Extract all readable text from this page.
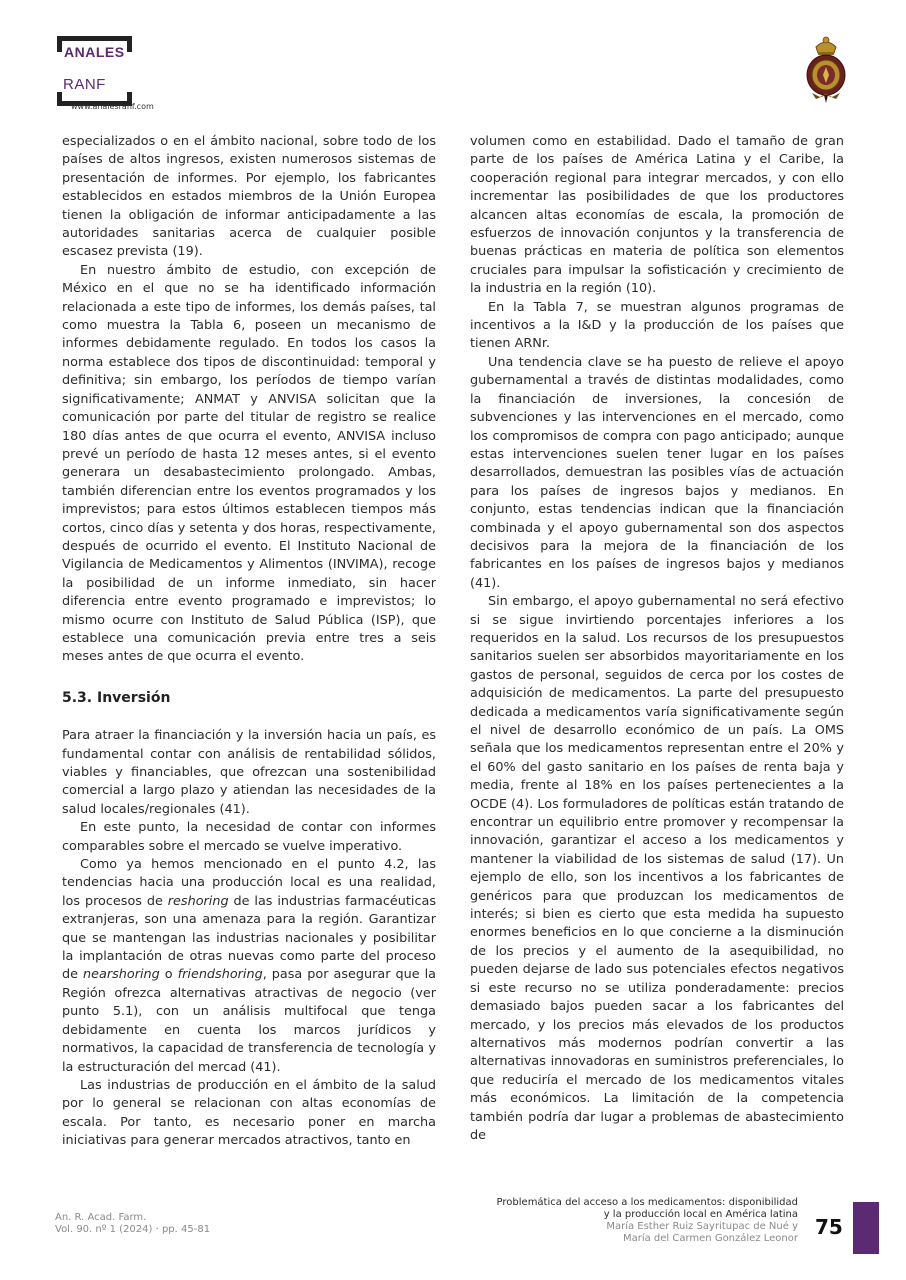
ANALES
RANF
www.analesranf.com

especializados o en el ámbito nacional, sobre todo de los países de altos ingresos, existen numerosos sistemas de presentación de informes. Por ejemplo, los fabricantes establecidos en estados miembros de la Unión Europea tienen la obligación de informar anticipadamente a las autoridades sanitarias acerca de cualquier posible escasez prevista (19).

En nuestro ámbito de estudio, con excepción de México en el que no se ha identificado información relacionada a este tipo de informes, los demás países, tal como muestra la Tabla 6, poseen un mecanismo de informes debidamente regulado. En todos los casos la norma establece dos tipos de discontinuidad: temporal y definitiva; sin embargo, los períodos de tiempo varían significativamente; ANMAT y ANVISA solicitan que la comunicación por parte del titular de registro se realice 180 días antes de que ocurra el evento, ANVISA incluso prevé un período de hasta 12 meses antes, si el evento generara un desabastecimiento prolongado. Ambas, también diferencian entre los eventos programados y los imprevistos; para estos últimos establecen tiempos más cortos, cinco días y setenta y dos horas, respectivamente, después de ocurrido el evento. El Instituto Nacional de Vigilancia de Medicamentos y Alimentos (INVIMA), recoge la posibilidad de un informe inmediato, sin hacer diferencia entre evento programado e imprevistos; lo mismo ocurre con Instituto de Salud Pública (ISP), que establece una comunicación previa entre tres a seis meses antes de que ocurra el evento.

5.3. Inversión

Para atraer la financiación y la inversión hacia un país, es fundamental contar con análisis de rentabilidad sólidos, viables y financiables, que ofrezcan una sostenibilidad comercial a largo plazo y atiendan las necesidades de la salud locales/regionales (41).

En este punto, la necesidad de contar con informes comparables sobre el mercado se vuelve imperativo.

Como ya hemos mencionado en el punto 4.2, las tendencias hacia una producción local es una realidad, los procesos de reshoring de las industrias farmacéuticas extranjeras, son una amenaza para la región. Garantizar que se mantengan las industrias nacionales y posibilitar la implantación de otras nuevas como parte del proceso de nearshoring o friendshoring, pasa por asegurar que la Región ofrezca alternativas atractivas de negocio (ver punto 5.1), con un análisis multifocal que tenga debidamente en cuenta los marcos jurídicos y normativos, la capacidad de transferencia de tecnología y la estructuración del mercad (41).

Las industrias de producción en el ámbito de la salud por lo general se relacionan con altas economías de escala. Por tanto, es necesario poner en marcha iniciativas para generar mercados atractivos, tanto en

volumen como en estabilidad. Dado el tamaño de gran parte de los países de América Latina y el Caribe, la cooperación regional para integrar mercados, y con ello incrementar las posibilidades de que los productores alcancen altas economías de escala, la promoción de esfuerzos de innovación conjuntos y la transferencia de buenas prácticas en materia de política son elementos cruciales para impulsar la sofisticación y crecimiento de la industria en la región (10).

En la Tabla 7, se muestran algunos programas de incentivos a la I&D y la producción de los países que tienen ARNr.

Una tendencia clave se ha puesto de relieve el apoyo gubernamental a través de distintas modalidades, como la financiación de inversiones, la concesión de subvenciones y las intervenciones en el mercado, como los compromisos de compra con pago anticipado; aunque estas intervenciones suelen tener lugar en los países desarrollados, demuestran las posibles vías de actuación para los países de ingresos bajos y medianos. En conjunto, estas tendencias indican que la financiación combinada y el apoyo gubernamental son dos aspectos decisivos para la mejora de la financiación de los fabricantes en los países de ingresos bajos y medianos (41).

Sin embargo, el apoyo gubernamental no será efectivo si se sigue invirtiendo porcentajes inferiores a los requeridos en la salud. Los recursos de los presupuestos sanitarios suelen ser absorbidos mayoritariamente en los gastos de personal, seguidos de cerca por los costes de adquisición de medicamentos. La parte del presupuesto dedicada a medicamentos varía significativamente según el nivel de desarrollo económico de un país. La OMS señala que los medicamentos representan entre el 20% y el 60% del gasto sanitario en los países de renta baja y media, frente al 18% en los países pertenecientes a la OCDE (4). Los formuladores de políticas están tratando de encontrar un equilibrio entre promover y recompensar la innovación, garantizar el acceso a los medicamentos y mantener la viabilidad de los sistemas de salud (17). Un ejemplo de ello, son los incentivos a los fabricantes de genéricos para que produzcan los medicamentos de interés; si bien es cierto que esta medida ha supuesto enormes beneficios en lo que concierne a la disminución de los precios y el aumento de la asequibilidad, no pueden dejarse de lado sus potenciales efectos negativos si este recurso no se utiliza ponderadamente: precios demasiado bajos pueden sacar a los fabricantes del mercado, y los precios más elevados de los productos alternativos más modernos podrían convertir a las alternativas innovadoras en suministros preferenciales, lo que reduciría el mercado de los medicamentos vitales más económicos. La limitación de la competencia también podría dar lugar a problemas de abastecimiento de

An. R. Acad. Farm.
Vol. 90. nº 1 (2024) · pp. 45-81
Problemática del acceso a los medicamentos: disponibilidad
y la producción local en América latina
María Esther Ruiz Sayritupac de Nué y
María del Carmen González Leonor 75
